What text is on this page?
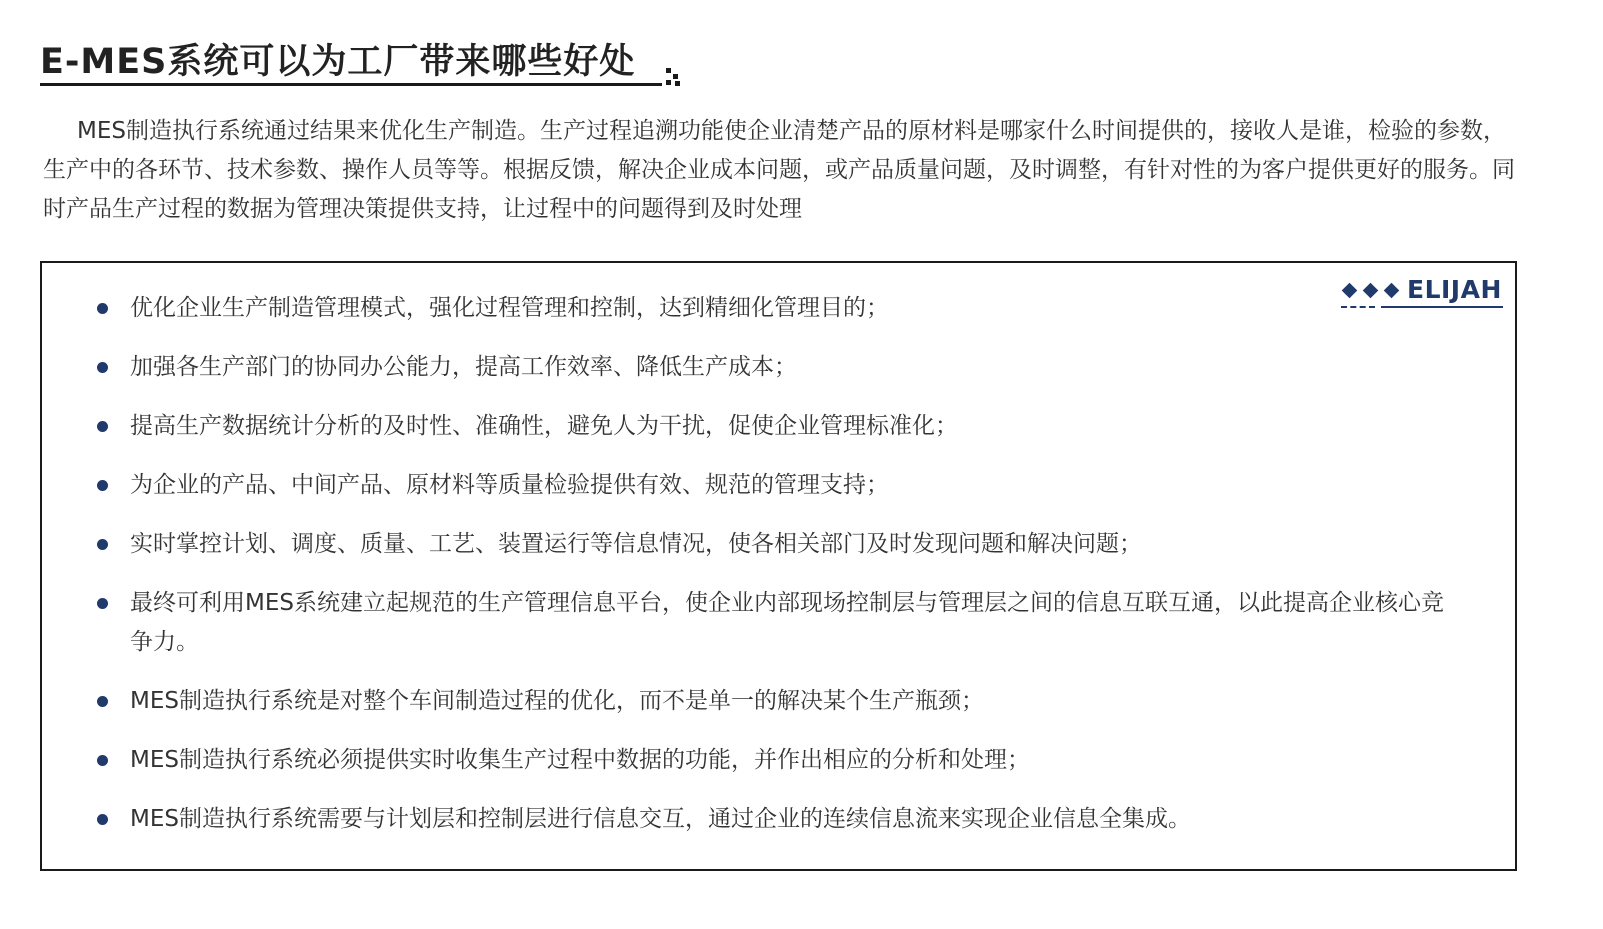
E-MES系统可以为工厂带来哪些好处

MES制造执行系统通过结果来优化生产制造。生产过程追溯功能使企业清楚产品的原材料是哪家什么时间提供的，接收人是谁，检验的参数，生产中的各环节、技术参数、操作人员等等。根据反馈，解决企业成本问题，或产品质量问题，及时调整，有针对性的为客户提供更好的服务。同时产品生产过程的数据为管理决策提供支持，让过程中的问题得到及时处理

ELIJAH
优化企业生产制造管理模式，强化过程管理和控制，达到精细化管理目的；
加强各生产部门的协同办公能力，提高工作效率、降低生产成本；
提高生产数据统计分析的及时性、准确性，避免人为干扰，促使企业管理标准化；
为企业的产品、中间产品、原材料等质量检验提供有效、规范的管理支持；
实时掌控计划、调度、质量、工艺、装置运行等信息情况，使各相关部门及时发现问题和解决问题；
最终可利用MES系统建立起规范的生产管理信息平台，使企业内部现场控制层与管理层之间的信息互联互通，以此提高企业核心竞争力。
MES制造执行系统是对整个车间制造过程的优化，而不是单一的解决某个生产瓶颈；
MES制造执行系统必须提供实时收集生产过程中数据的功能，并作出相应的分析和处理；
MES制造执行系统需要与计划层和控制层进行信息交互，通过企业的连续信息流来实现企业信息全集成。
